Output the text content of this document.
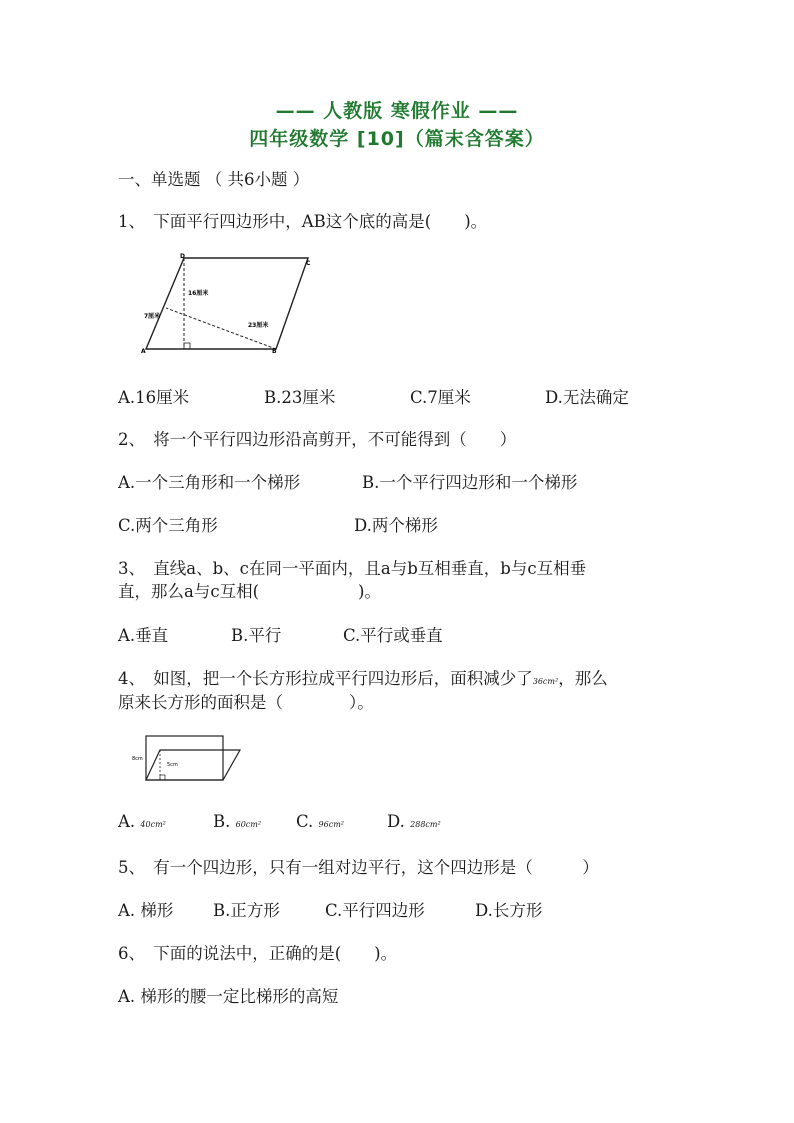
—— 人教版 寒假作业 ——
四年级数学 [10]（篇末含答案）
一、单选题 （ 共6小题 ）
1、　下面平行四边形中，AB这个底的高是(　　)。
D
C
A	B
16厘米
7厘米
23厘米
A.16厘米	B.23厘米	C.7厘米	D.无法确定
2、　将一个平行四边形沿高剪开，不可能得到（　　）
A.一个三角形和一个梯形	B.一个平行四边形和一个梯形
C.两个三角形	D.两个梯形
3、　直线a、b、c在同一平面内，且a与b互相垂直，b与c互相垂
直，那么a与c互相(　　　　　　)。
A.垂直	B.平行	C.平行或垂直
4、　如图，把一个长方形拉成平行四边形后，面积减少了36cm²，那么
原来长方形的面积是（　　　　）。
8cm
5cm
A. 40cm²	B. 60cm² C. 96cm²	D. 288cm²
5、　有一个四边形，只有一组对边平行，这个四边形是（　　　）
A. 梯形 B.正方形	C.平行四边形	D.长方形
6、　下面的说法中，正确的是(　　)。
A. 梯形的腰一定比梯形的高短
